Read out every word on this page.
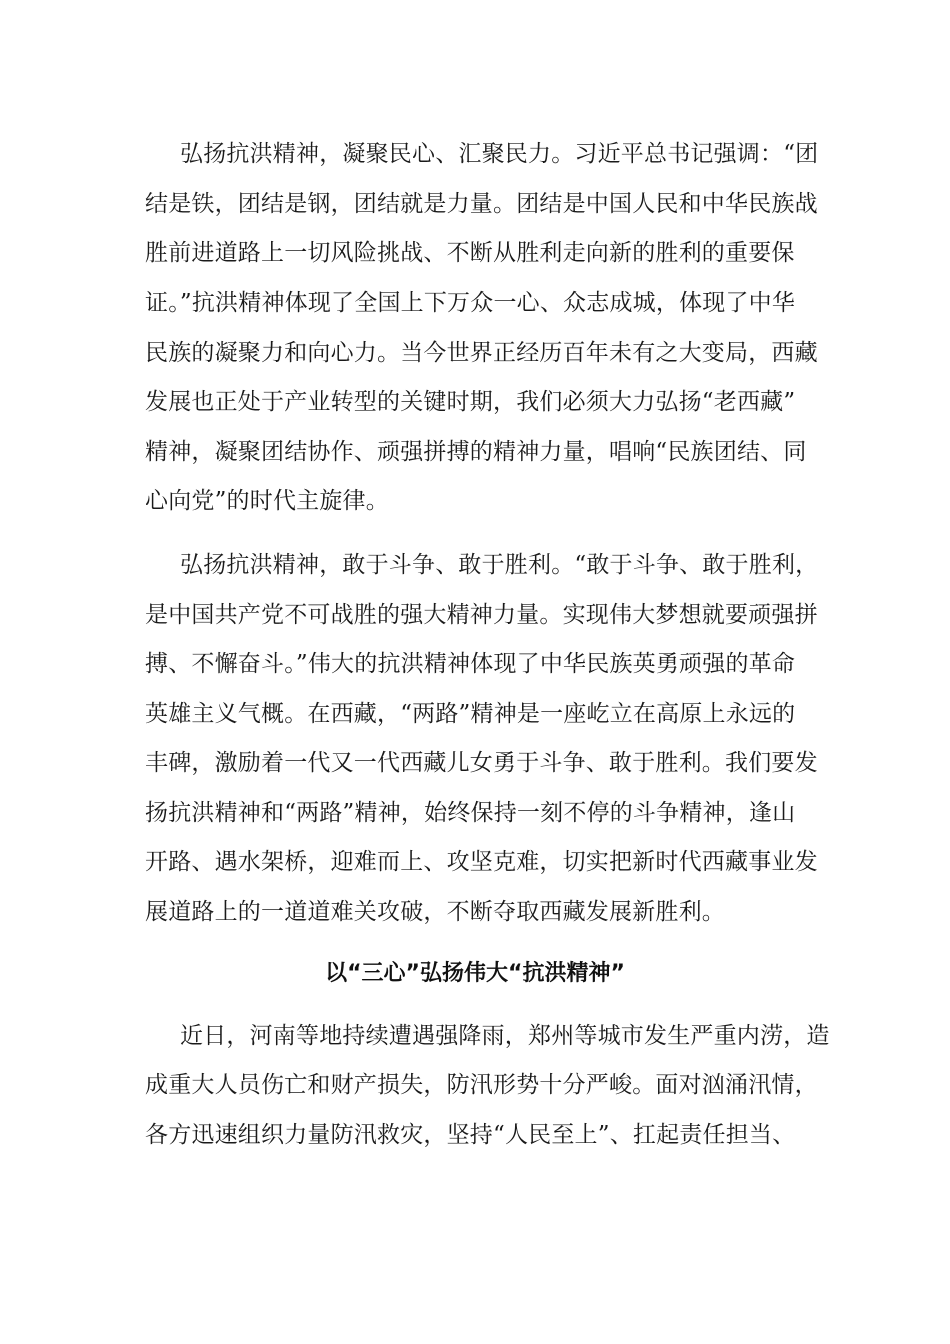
弘扬抗洪精神，凝聚民心、汇聚民力。习近平总书记强调：“团
结是铁，团结是钢，团结就是力量。团结是中国人民和中华民族战
胜前进道路上一切风险挑战、不断从胜利走向新的胜利的重要保
证。”抗洪精神体现了全国上下万众一心、众志成城，体现了中华
民族的凝聚力和向心力。当今世界正经历百年未有之大变局，西藏
发展也正处于产业转型的关键时期，我们必须大力弘扬“老西藏”
精神，凝聚团结协作、顽强拼搏的精神力量，唱响“民族团结、同
心向党”的时代主旋律。
弘扬抗洪精神，敢于斗争、敢于胜利。“敢于斗争、敢于胜利，
是中国共产党不可战胜的强大精神力量。实现伟大梦想就要顽强拼
搏、不懈奋斗。”伟大的抗洪精神体现了中华民族英勇顽强的革命
英雄主义气概。在西藏，“两路”精神是一座屹立在高原上永远的
丰碑，激励着一代又一代西藏儿女勇于斗争、敢于胜利。我们要发
扬抗洪精神和“两路”精神，始终保持一刻不停的斗争精神，逢山
开路、遇水架桥，迎难而上、攻坚克难，切实把新时代西藏事业发
展道路上的一道道难关攻破，不断夺取西藏发展新胜利。
以“三心”弘扬伟大“抗洪精神”
近日，河南等地持续遭遇强降雨，郑州等城市发生严重内涝，造
成重大人员伤亡和财产损失，防汛形势十分严峻。面对汹涌汛情，
各方迅速组织力量防汛救灾，坚持“人民至上”、扛起责任担当、
